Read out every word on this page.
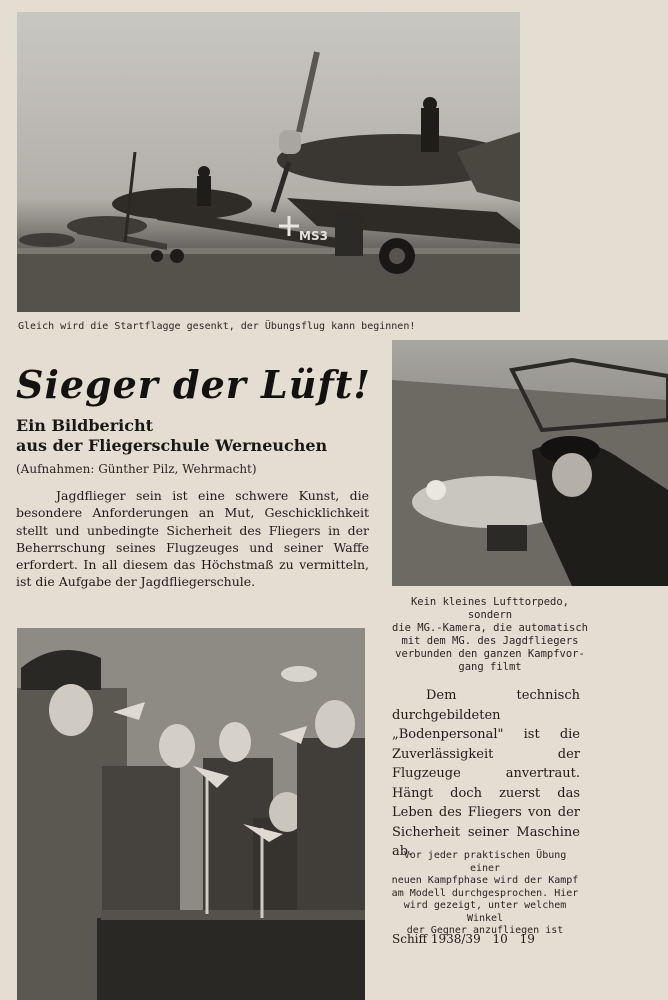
MS3
Gleich wird die Startflagge gesenkt, der Übungsflug kann beginnen!
Sieger der Lüft!
Ein Bildbericht
aus der Fliegerschule Werneuchen
(Aufnahmen: Günther Pilz, Wehrmacht)

Jagdflieger sein ist eine schwere Kunst, die besondere Anforderungen an Mut, Geschicklichkeit stellt und unbedingte Sicherheit des Fliegers in der Beherrschung seines Flugzeuges und seiner Waffe erfordert. In all diesem das Höchstmaß zu vermitteln, ist die Aufgabe der Jagdfliegerschule.

Kein kleines Lufttorpedo, sondern
die MG.-Kamera, die automatisch
mit dem MG. des Jagdfliegers
verbunden den ganzen Kampfvor-
gang filmt

Dem technisch durchgebildeten „Bodenpersonal" ist die Zuverlässigkeit der Flugzeuge anvertraut. Hängt doch zuerst das Leben des Fliegers von der Sicherheit seiner Maschine ab.

Vor jeder praktischen Übung einer
neuen Kampfphase wird der Kampf
am Modell durchgesprochen. Hier
wird gezeigt, unter welchem Winkel
der Gegner anzufliegen ist
Schiff 1938/39 10 19
